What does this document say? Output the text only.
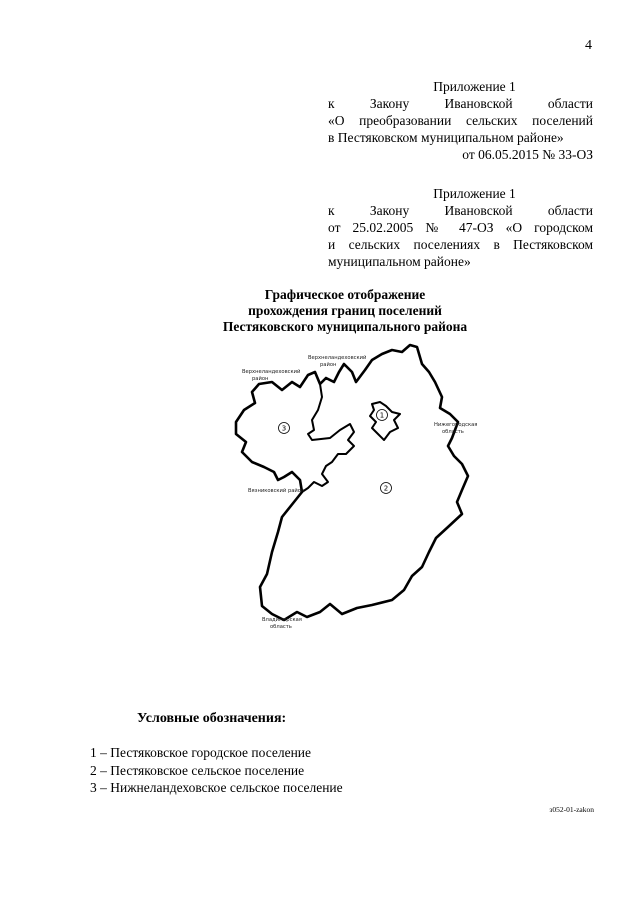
4
Приложение 1
к Закону Ивановской области
«О преобразовании сельских поселений
в Пестяковском муниципальном районе»
от 06.05.2015 № 33-ОЗ
Приложение 1
к Закону Ивановской области
от 25.02.2005 № 47-ОЗ «О городском
и сельских поселениях в Пестяковском
муниципальном районе»
Графическое отображение
прохождения границ поселений
Пестяковского муниципального района
1
2
3
Верхнеландеховский
район
Верхнеландеховский
район
Нижегородская
область
Вязниковский район
Владимирская
область
Условные обозначения:
1 – Пестяковское городское поселение
2 – Пестяковское сельское поселение
3 – Нижнеландеховское сельское поселение
з052-01-zakon
